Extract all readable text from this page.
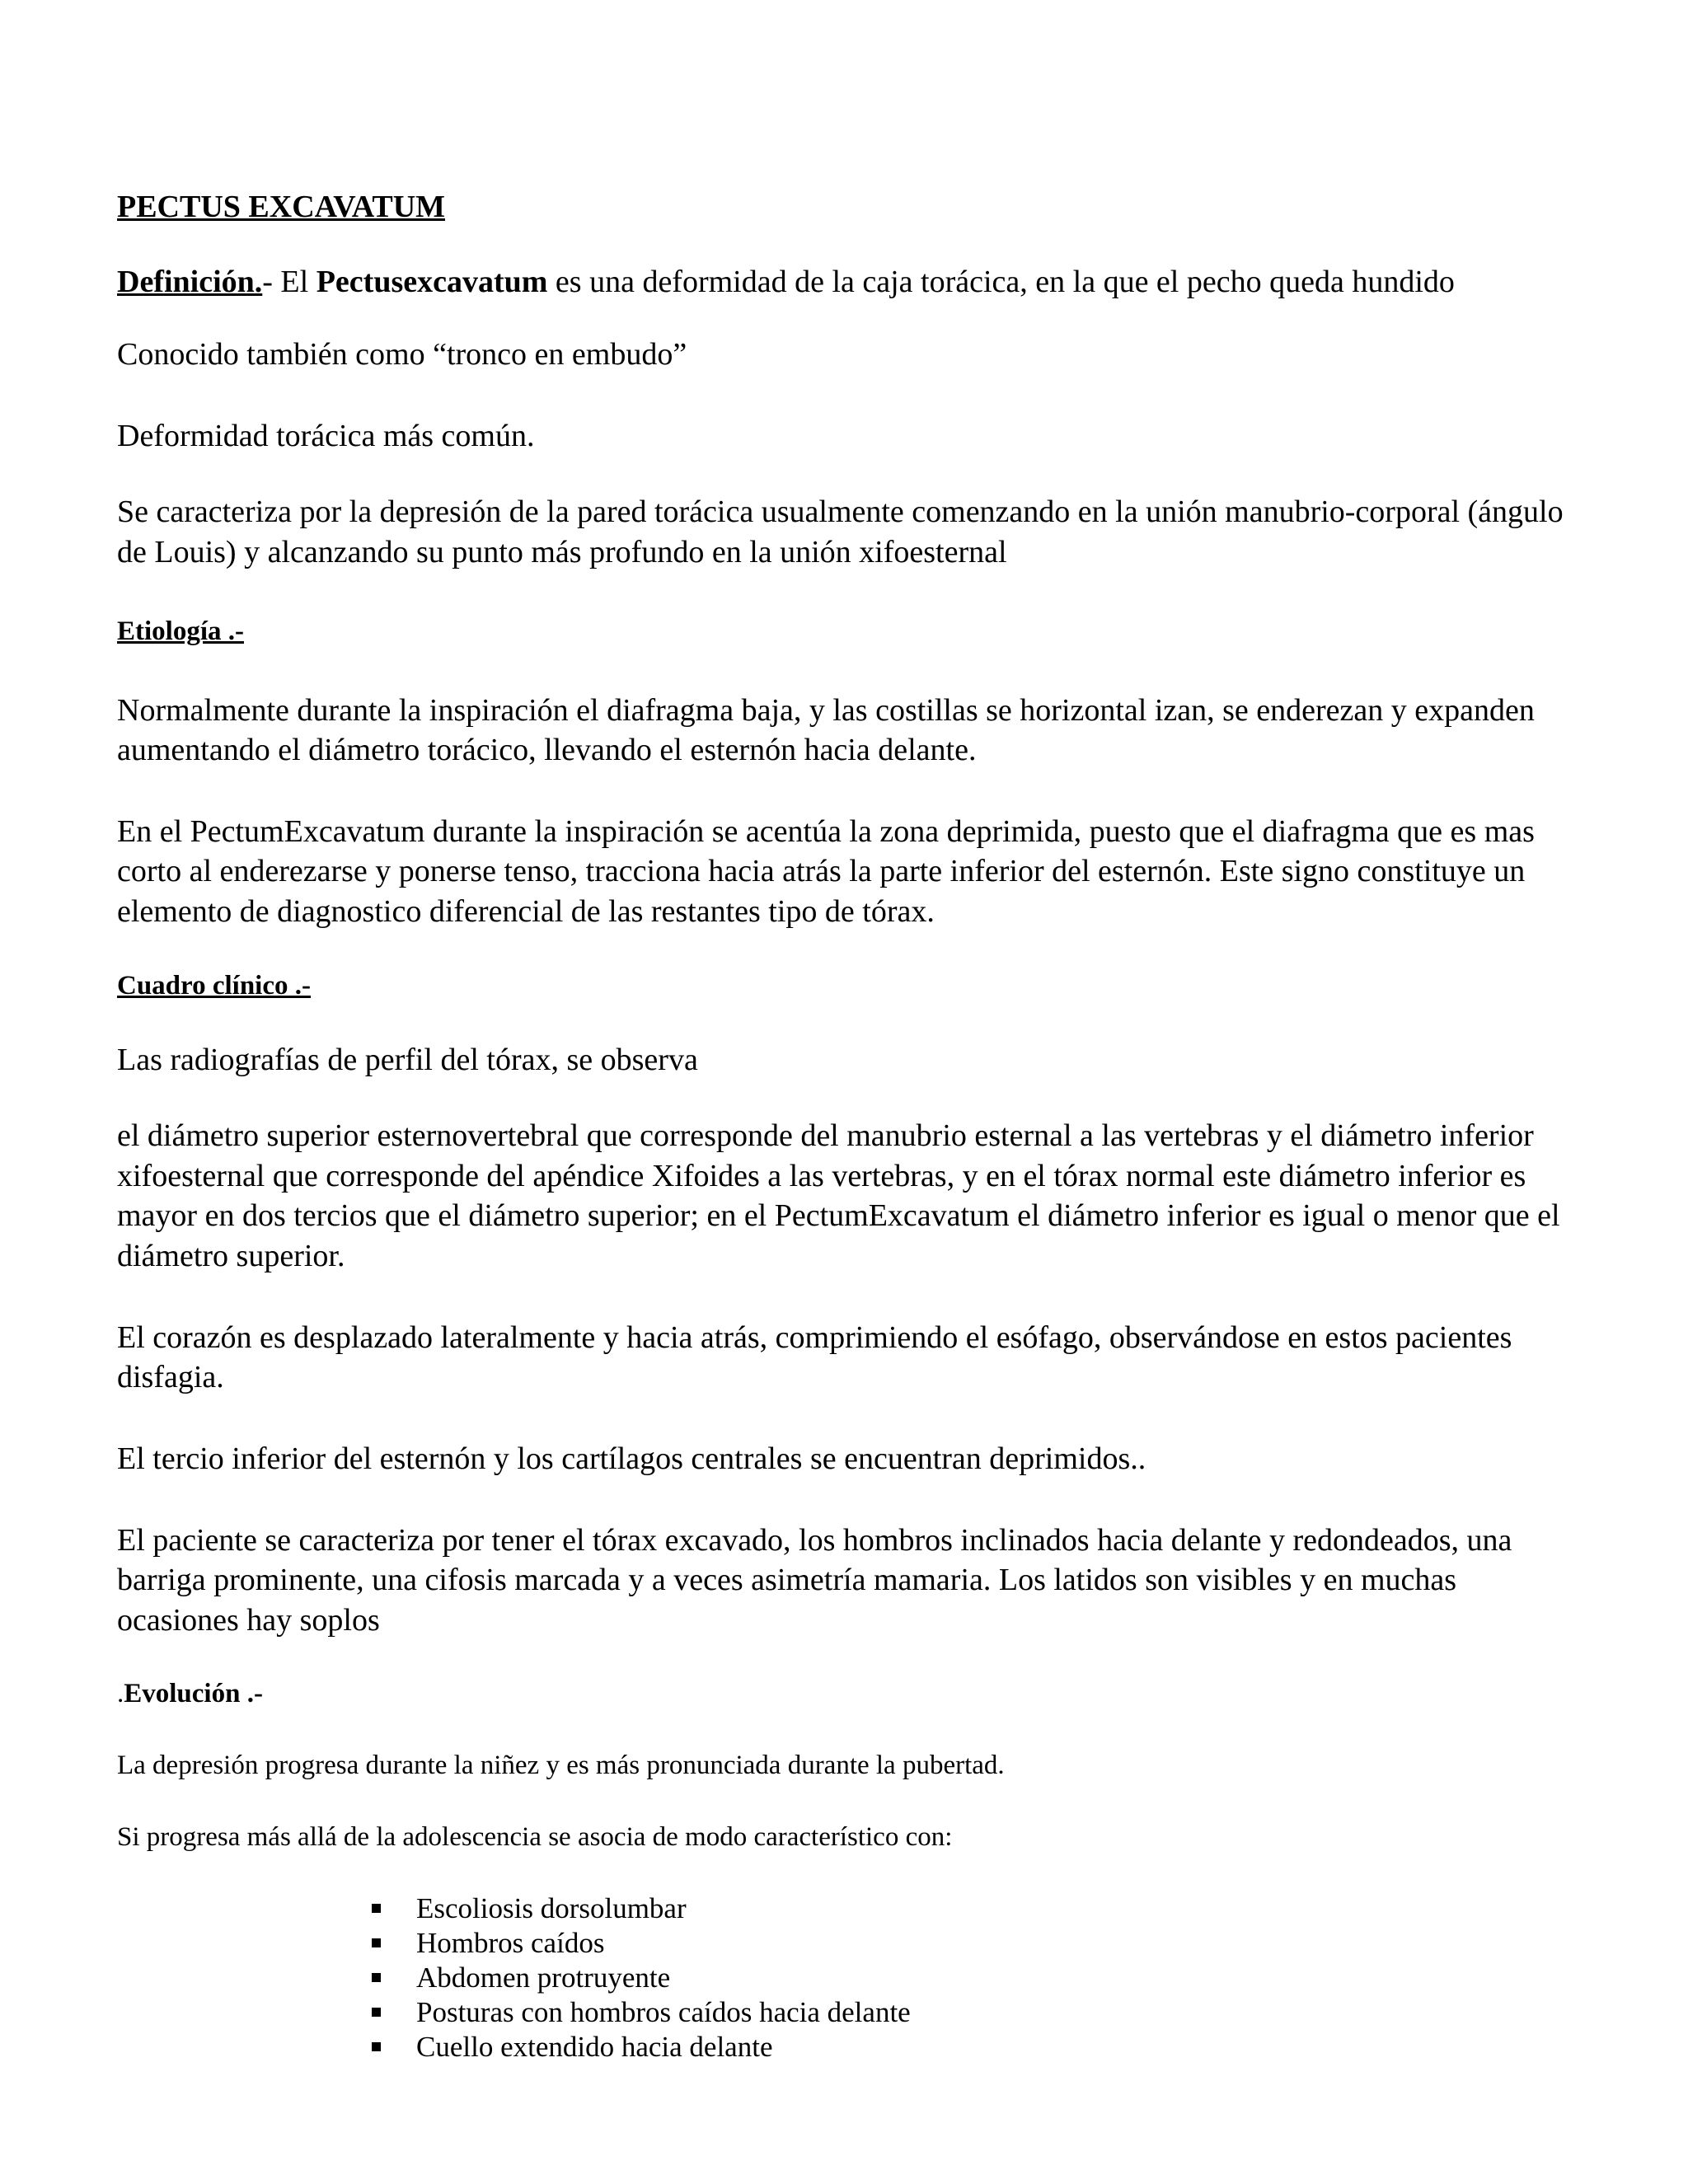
PECTUS EXCAVATUM

Definición.- El Pectusexcavatum es una deformidad de la caja torácica, en la que el pecho queda hundido

Conocido también como “tronco en embudo”

Deformidad torácica más común.

Se caracteriza por la depresión de la pared torácica usualmente comenzando en la unión manubrio-corporal (ángulo de Louis) y alcanzando su punto más profundo en la unión xifoesternal

Etiología .-

Normalmente durante la inspiración el diafragma baja, y las costillas se horizontal izan, se enderezan y expanden aumentando el diámetro torácico, llevando el esternón hacia delante.

En el PectumExcavatum durante la inspiración se acentúa la zona deprimida, puesto que el diafragma que es mas corto al enderezarse y ponerse tenso, tracciona hacia atrás la parte inferior del esternón. Este signo constituye un elemento de diagnostico diferencial de las restantes tipo de tórax.

Cuadro clínico .-

Las radiografías de perfil del tórax, se observa

el diámetro superior esternovertebral que corresponde del manubrio esternal a las vertebras y el diámetro inferior xifoesternal que corresponde del apéndice Xifoides a las vertebras, y en el tórax normal este diámetro inferior es mayor en dos tercios que el diámetro superior; en el PectumExcavatum el diámetro inferior es igual o menor que el diámetro superior.

El corazón es desplazado lateralmente y hacia atrás, comprimiendo el esófago, observándose en estos pacientes disfagia.

El tercio inferior del esternón y los cartílagos centrales se encuentran deprimidos..

El paciente se caracteriza por tener el tórax excavado, los hombros inclinados hacia delante y redondeados, una barriga prominente, una cifosis marcada y a veces asimetría mamaria. Los latidos son visibles y en muchas ocasiones hay soplos

.Evolución .-

La depresión progresa durante la niñez y es más pronunciada durante la pubertad.

Si progresa más allá de la adolescencia se asocia de modo característico con:

Escoliosis dorsolumbar
Hombros caídos
Abdomen protruyente
Posturas con hombros caídos hacia delante
Cuello extendido hacia delante
